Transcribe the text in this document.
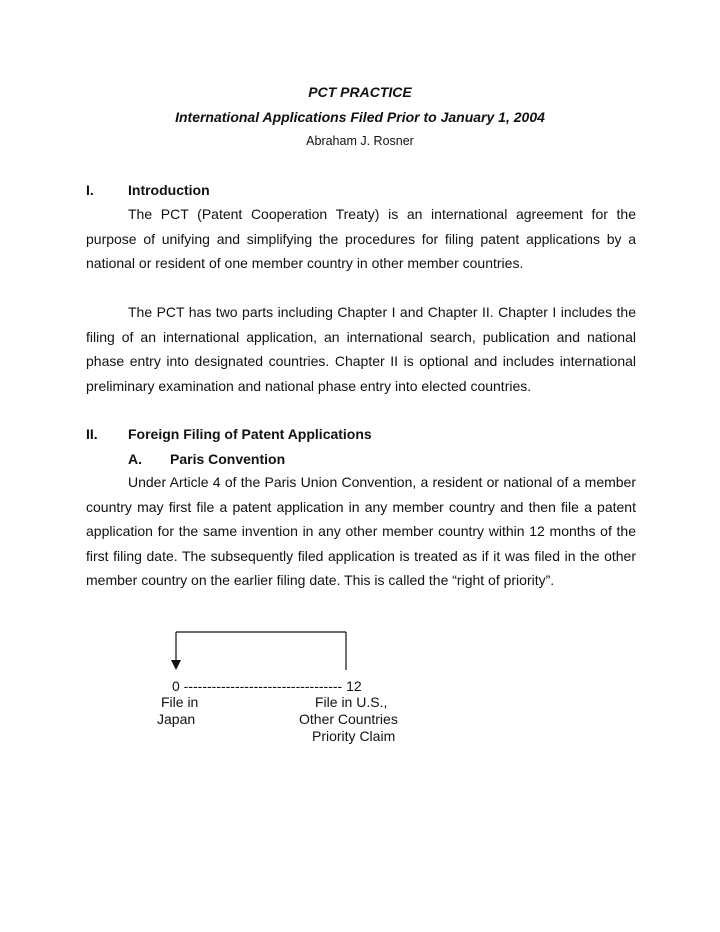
PCT PRACTICE
International Applications Filed Prior to January 1, 2004
Abraham J. Rosner
I. Introduction
The PCT (Patent Cooperation Treaty) is an international agreement for the purpose of unifying and simplifying the procedures for filing patent applications by a national or resident of one member country in other member countries.
The PCT has two parts including Chapter I and Chapter II. Chapter I includes the filing of an international application, an international search, publication and national phase entry into designated countries. Chapter II is optional and includes international preliminary examination and national phase entry into elected countries.
II. Foreign Filing of Patent Applications
A. Paris Convention
Under Article 4 of the Paris Union Convention, a resident or national of a member country may first file a patent application in any member country and then file a patent application for the same invention in any other member country within 12 months of the first filing date. The subsequently filed application is treated as if it was filed in the other member country on the earlier filing date. This is called the “right of priority”.
0 ---------------------------------- 12
File in
Japan
File in U.S.,
Other Countries
Priority Claim
